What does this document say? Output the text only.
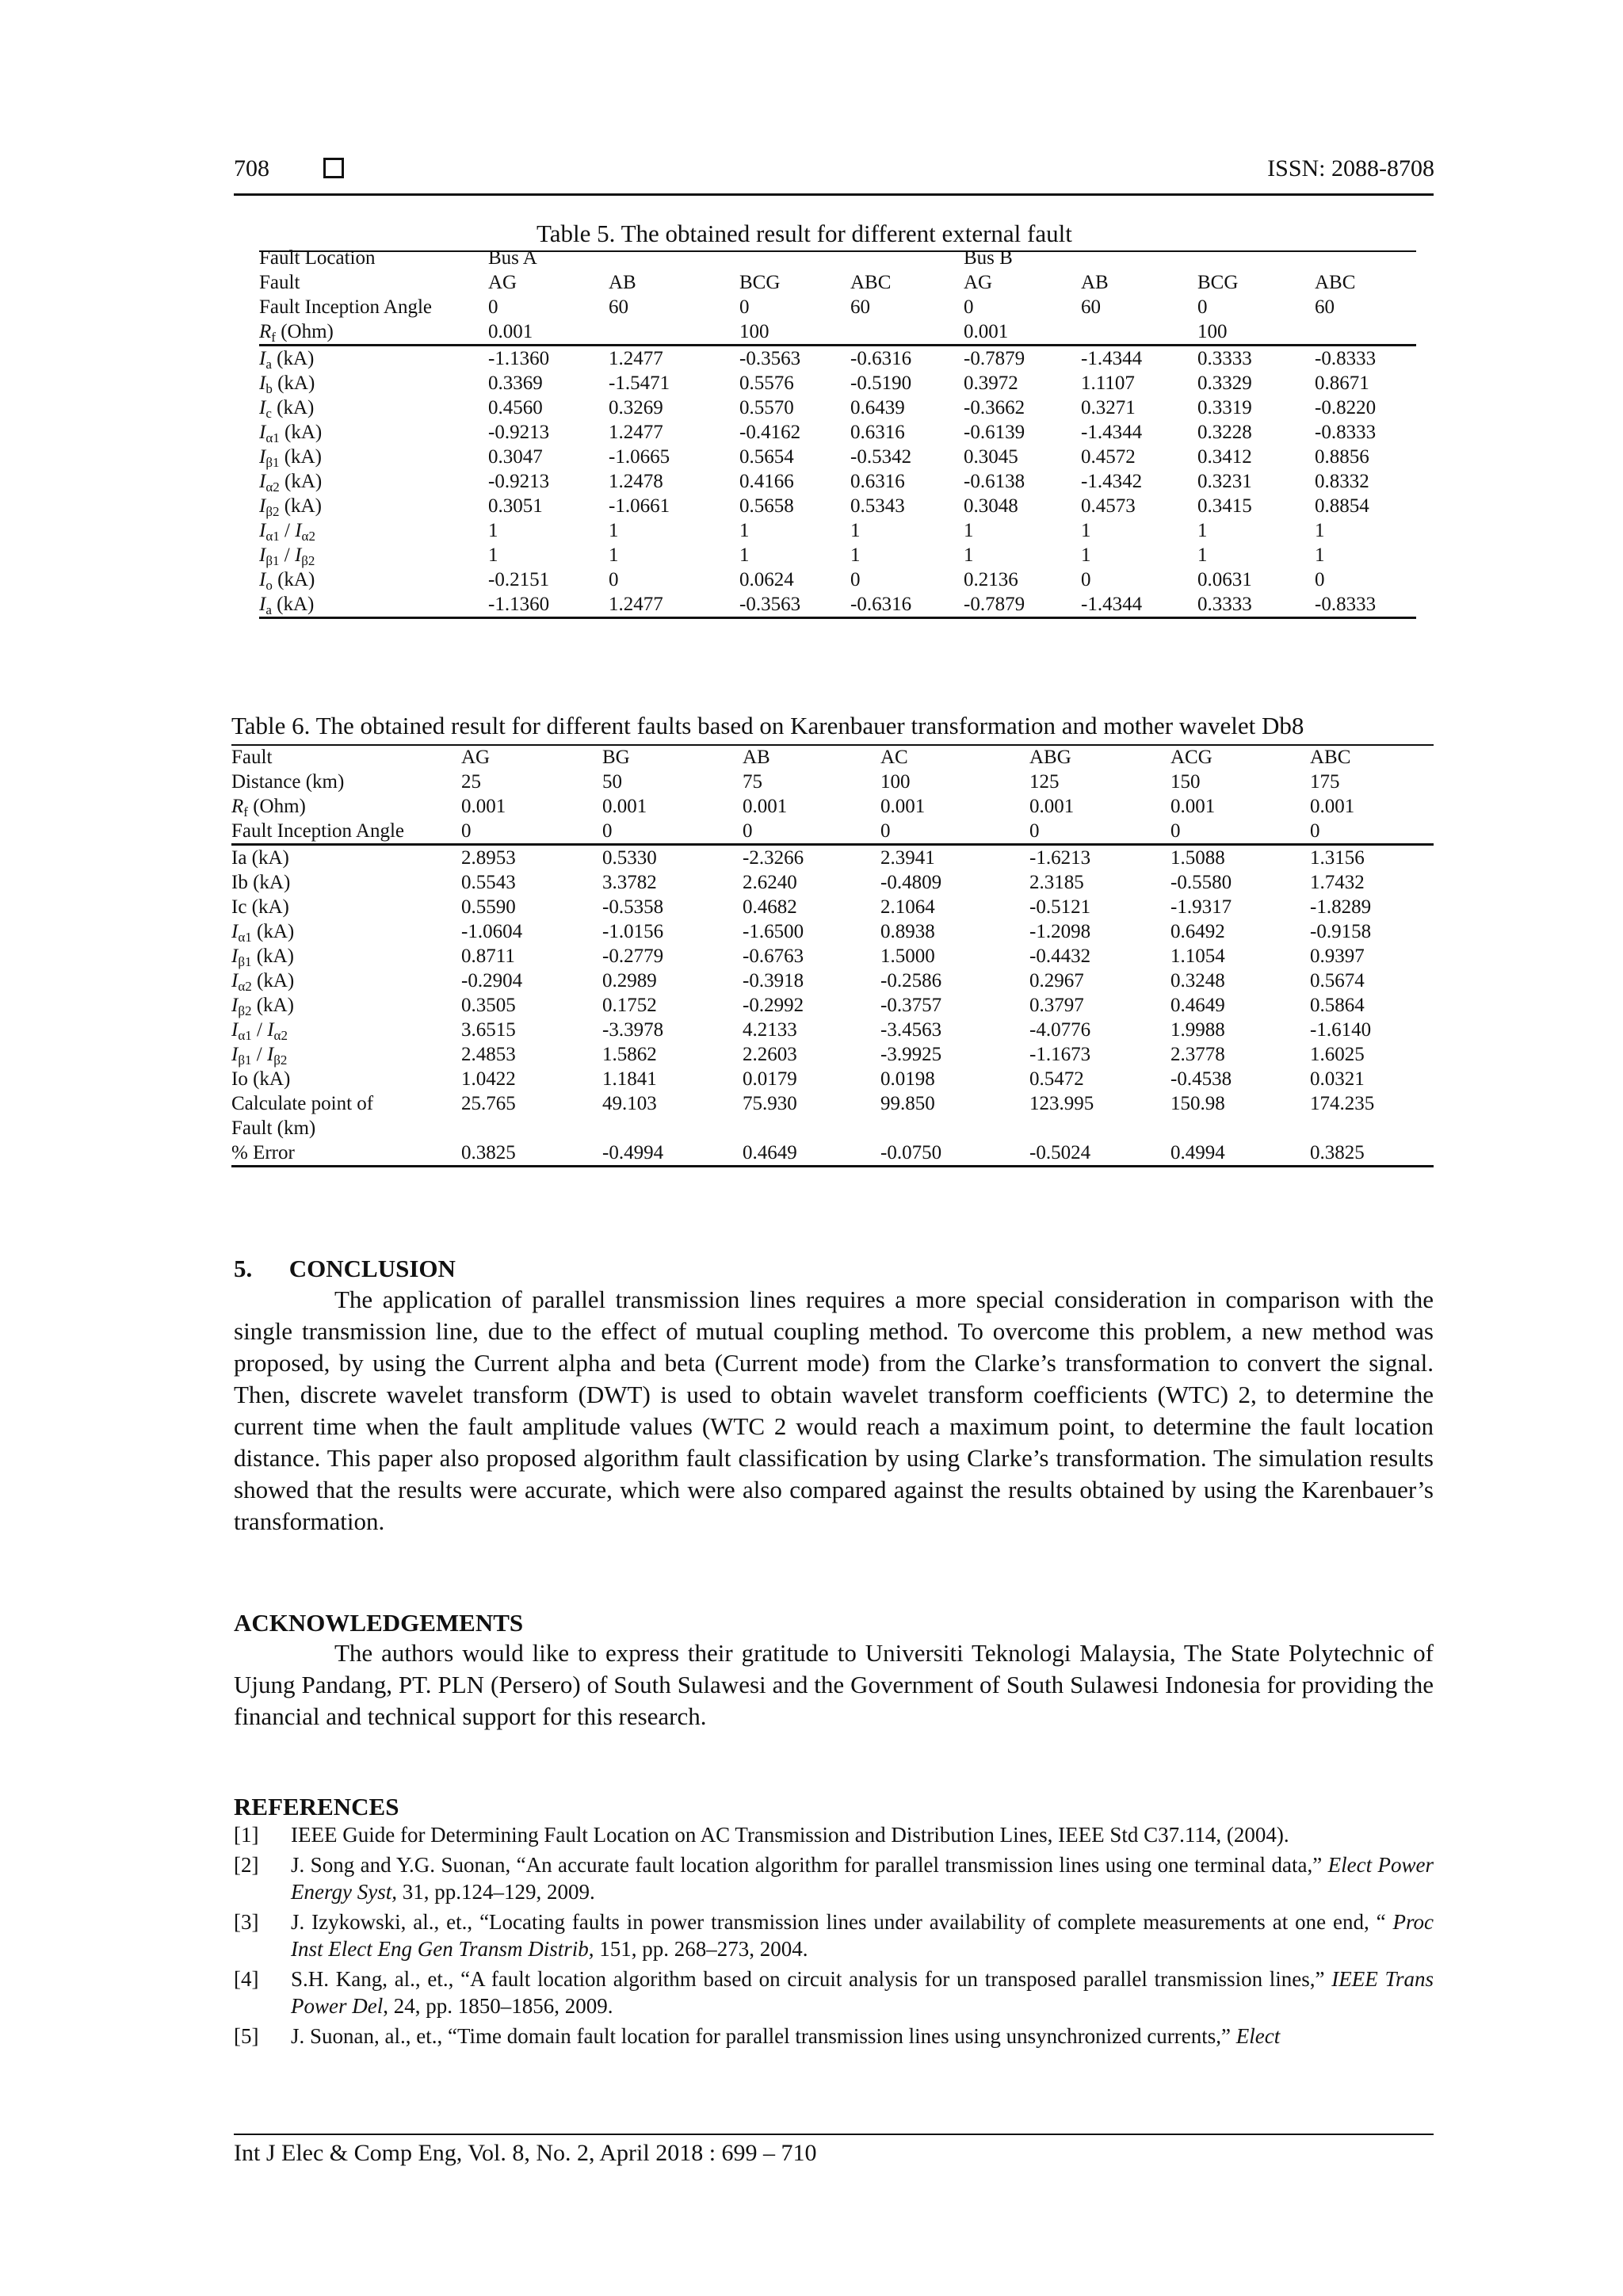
708	ISSN: 2088-8708
Table 5. The obtained result for different external fault
Fault Location	Bus A				Bus B			
Fault	AG	AB	BCG	ABC	AG	AB	BCG	ABC
Fault Inception Angle	0	60	0	60	0	60	0	60
$R_f$ (Ohm)	0.001		100		0.001		100	
$I_a$ (kA)	-1.1360	1.2477	-0.3563	-0.6316	-0.7879	-1.4344	0.3333	-0.8333
$I_b$ (kA)	0.3369	-1.5471	0.5576	-0.5190	0.3972	1.1107	0.3329	0.8671
$I_c$ (kA)	0.4560	0.3269	0.5570	0.6439	-0.3662	0.3271	0.3319	-0.8220
$I_{\alpha 1}$ (kA)	-0.9213	1.2477	-0.4162	0.6316	-0.6139	-1.4344	0.3228	-0.8333
$I_{\beta 1}$ (kA)	0.3047	-1.0665	0.5654	-0.5342	0.3045	0.4572	0.3412	0.8856
$I_{\alpha 2}$ (kA)	-0.9213	1.2478	0.4166	0.6316	-0.6138	-1.4342	0.3231	0.8332
$I_{\beta 2}$ (kA)	0.3051	-1.0661	0.5658	0.5343	0.3048	0.4573	0.3415	0.8854
$I_{\alpha 1} / I_{\alpha 2}$	1	1	1	1	1	1	1	1
$I_{\beta 1} / I_{\beta 2}$	1	1	1	1	1	1	1	1
$I_o$ (kA)	-0.2151	0	0.0624	0	0.2136	0	0.0631	0
$I_a$ (kA)	-1.1360	1.2477	-0.3563	-0.6316	-0.7879	-1.4344	0.3333	-0.8333
Table 6. The obtained result for different faults based on Karenbauer transformation and mother wavelet Db8
Fault	AG	BG	AB	AC	ABG	ACG	ABC
Distance (km)	25	50	75	100	125	150	175
$R_f$ (Ohm)	0.001	0.001	0.001	0.001	0.001	0.001	0.001
Fault Inception Angle	0	0	0	0	0	0	0
Ia (kA)	2.8953	0.5330	-2.3266	2.3941	-1.6213	1.5088	1.3156
Ib (kA)	0.5543	3.3782	2.6240	-0.4809	2.3185	-0.5580	1.7432
Ic (kA)	0.5590	-0.5358	0.4682	2.1064	-0.5121	-1.9317	-1.8289
$I_{\alpha 1}$ (kA)	-1.0604	-1.0156	-1.6500	0.8938	-1.2098	0.6492	-0.9158
$I_{\beta 1}$ (kA)	0.8711	-0.2779	-0.6763	1.5000	-0.4432	1.1054	0.9397
$I_{\alpha 2}$ (kA)	-0.2904	0.2989	-0.3918	-0.2586	0.2967	0.3248	0.5674
$I_{\beta 2}$ (kA)	0.3505	0.1752	-0.2992	-0.3757	0.3797	0.4649	0.5864
$I_{\alpha 1} / I_{\alpha 2}$	3.6515	-3.3978	4.2133	-3.4563	-4.0776	1.9988	-1.6140
$I_{\beta 1} / I_{\beta 2}$	2.4853	1.5862	2.2603	-3.9925	-1.1673	2.3778	1.6025
Io (kA)	1.0422	1.1841	0.0179	0.0198	0.5472	-0.4538	0.0321
Calculate point of	25.765	49.103	75.930	99.850	123.995	150.98	174.235
Fault (km)							
% Error	0.3825	-0.4994	0.4649	-0.0750	-0.5024	0.4994	0.3825
5.      CONCLUSION
The application of parallel transmission lines requires a more special consideration in comparison with the single transmission line, due to the effect of mutual coupling method. To overcome this problem, a new method was proposed, by using the Current alpha and beta (Current mode) from the Clarke’s transformation to convert the signal. Then, discrete wavelet transform (DWT) is used to obtain wavelet transform coefficients (WTC) 2, to determine the current time when the fault amplitude values (WTC 2 would reach a maximum point, to determine the fault location distance. This paper also proposed algorithm fault classification by using Clarke’s transformation. The simulation results showed that the results were accurate, which were also compared against the results obtained by using the Karenbauer’s transformation.
ACKNOWLEDGEMENTS
The authors would like to express their gratitude to Universiti Teknologi Malaysia, The State Polytechnic of Ujung Pandang, PT. PLN (Persero) of South Sulawesi and the Government of South Sulawesi Indonesia for providing the financial and technical support for this research.
REFERENCES
[1] IEEE Guide for Determining Fault Location on AC Transmission and Distribution Lines, IEEE Std C37.114, (2004).
[2] J. Song and Y.G. Suonan, “An accurate fault location algorithm for parallel transmission lines using one terminal data,” Elect Power Energy Syst, 31, pp.124–129, 2009.
[3] J. Izykowski, al., et., “Locating faults in power transmission lines under availability of complete measurements at one end, “ Proc Inst Elect Eng Gen Transm Distrib, 151, pp. 268–273, 2004.
[4] S.H. Kang, al., et., “A fault location algorithm based on circuit analysis for un transposed parallel transmission lines,” IEEE Trans Power Del, 24, pp. 1850–1856, 2009.
[5] J. Suonan, al., et., “Time domain fault location for parallel transmission lines using unsynchronized currents,” Elect
Int J Elec & Comp Eng, Vol. 8, No. 2, April 2018 : 699 – 710
